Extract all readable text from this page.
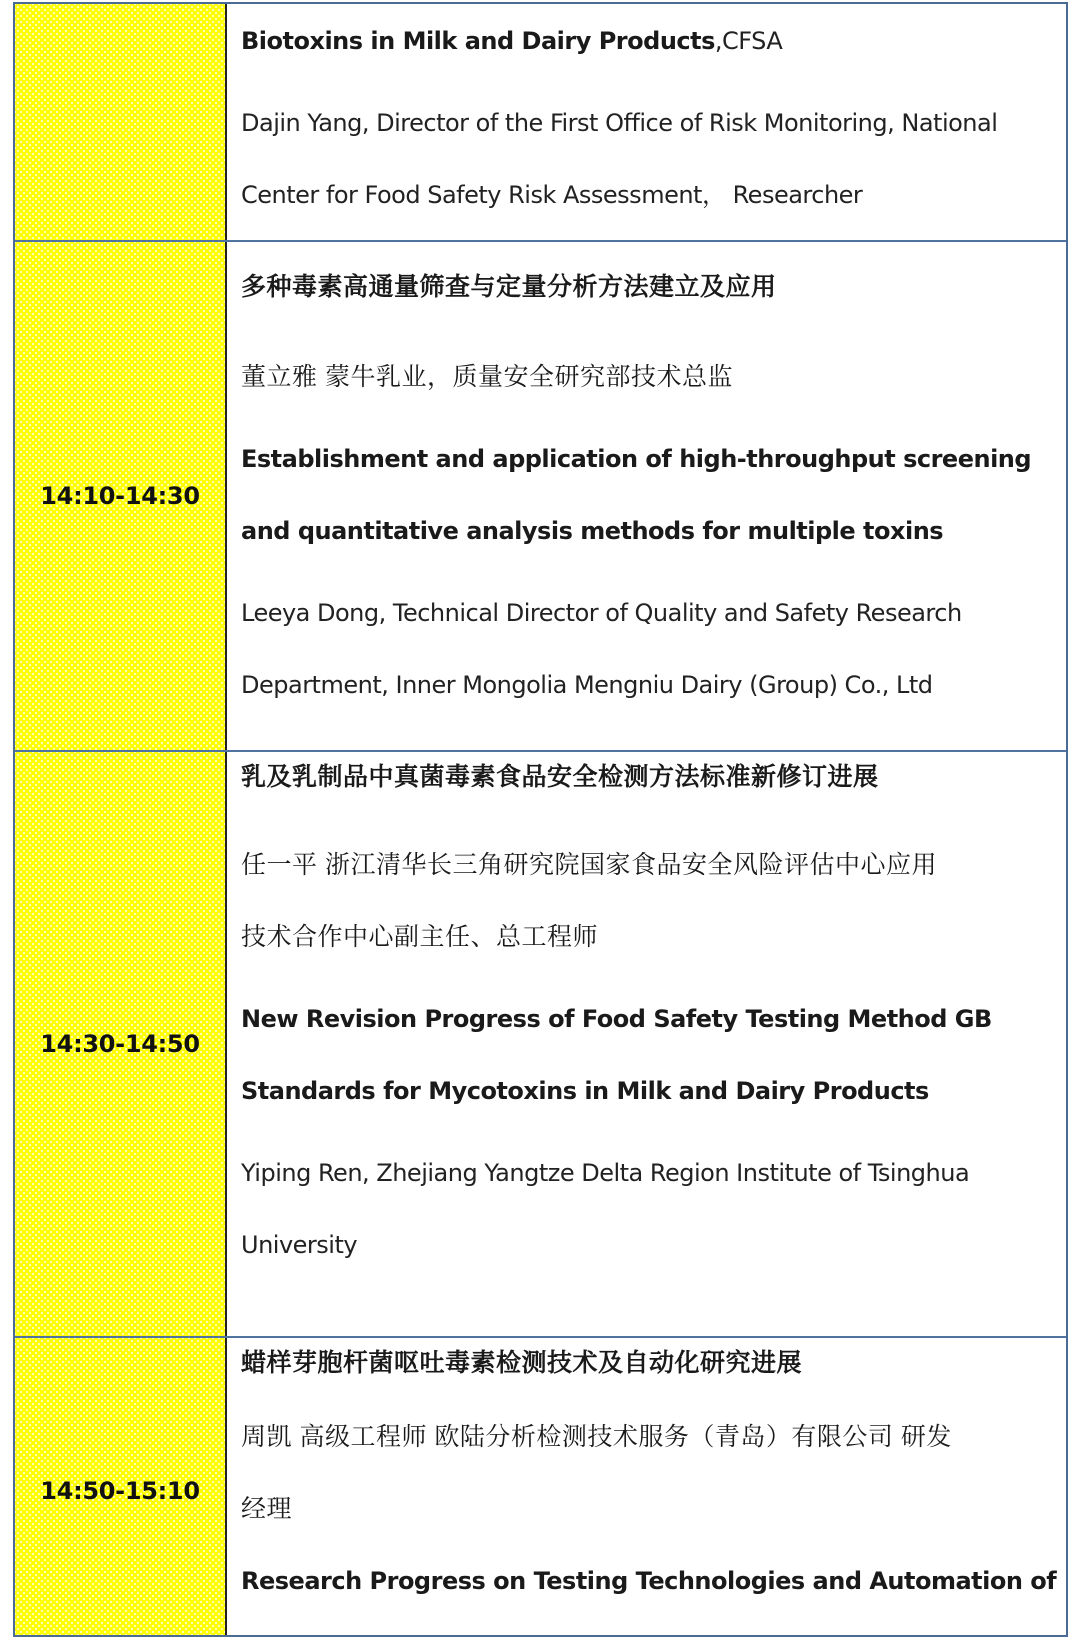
Biotoxins in Milk and Dairy Products,CFSA
Dajin Yang, Director of the First Office of Risk Monitoring, National
Center for Food Safety Risk Assessment， Researcher
14:10-14:30
多种毒素高通量筛查与定量分析方法建立及应用
董立雅 蒙牛乳业，质量安全研究部技术总监
Establishment and application of high-throughput screening
and quantitative analysis methods for multiple toxins
Leeya Dong, Technical Director of Quality and Safety Research
Department, Inner Mongolia Mengniu Dairy (Group) Co., Ltd
14:30-14:50
乳及乳制品中真菌毒素食品安全检测方法标准新修订进展
任一平 浙江清华长三角研究院国家食品安全风险评估中心应用
技术合作中心副主任、总工程师
New Revision Progress of Food Safety Testing Method GB
Standards for Mycotoxins in Milk and Dairy Products
Yiping Ren, Zhejiang Yangtze Delta Region Institute of Tsinghua
University
14:50-15:10
蜡样芽胞杆菌呕吐毒素检测技术及自动化研究进展
周凯 高级工程师 欧陆分析检测技术服务（青岛）有限公司 研发
经理
Research Progress on Testing Technologies and Automation of
